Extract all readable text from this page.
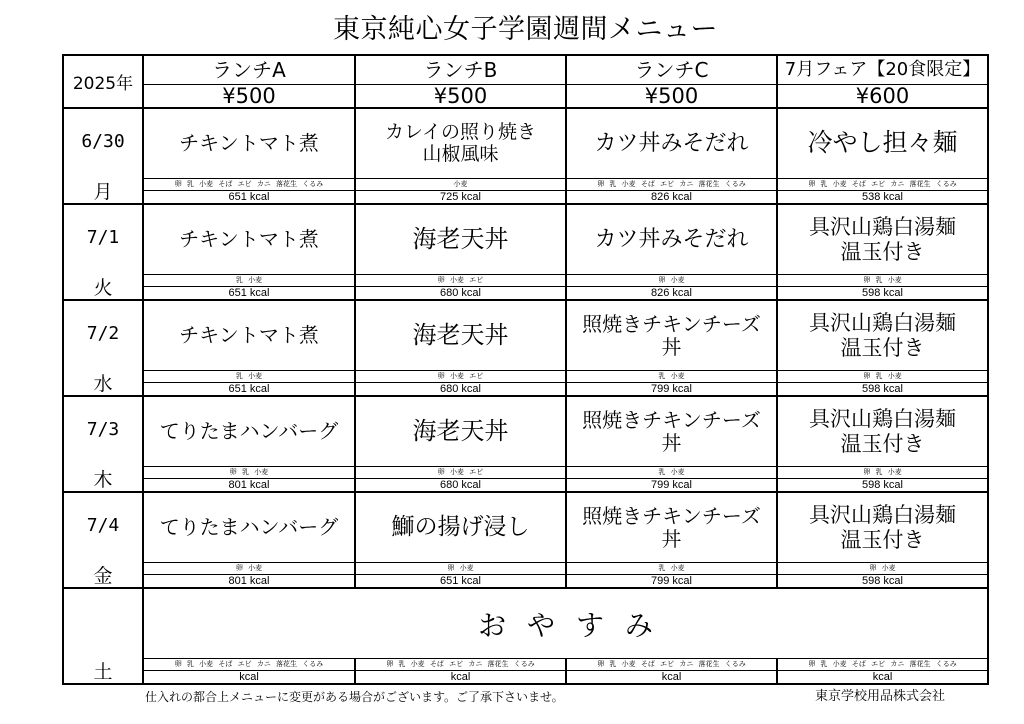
東京純心女子学園週間メニュー
2025年
ランチA
¥500
ランチB
¥500
ランチC
¥500
7月フェア【20食限定】
¥600
6/30
月
チキントマト煮
卵 乳 小麦 そば エビ カニ 落花生 くるみ
651 kcal
カレイの照り焼き
山椒風味
小麦
725 kcal
カツ丼みそだれ
卵 乳 小麦 そば エビ カニ 落花生 くるみ
826 kcal
冷やし担々麺
卵 乳 小麦 そば エビ カニ 落花生 くるみ
538 kcal
7/1
火
チキントマト煮
乳 小麦
651 kcal
海老天丼
卵 小麦 エビ
680 kcal
カツ丼みそだれ
卵 小麦
826 kcal
具沢山鶏白湯麺
温玉付き
卵 乳 小麦
598 kcal
7/2
水
チキントマト煮
乳 小麦
651 kcal
海老天丼
卵 小麦 エビ
680 kcal
照焼きチキンチーズ
丼
乳 小麦
799 kcal
具沢山鶏白湯麺
温玉付き
卵 乳 小麦
598 kcal
7/3
木
てりたまハンバーグ
卵 乳 小麦
801 kcal
海老天丼
卵 小麦 エビ
680 kcal
照焼きチキンチーズ
丼
乳 小麦
799 kcal
具沢山鶏白湯麺
温玉付き
卵 乳 小麦
598 kcal
7/4
金
てりたまハンバーグ
卵 小麦
801 kcal
鰤の揚げ浸し
卵 小麦
651 kcal
照焼きチキンチーズ
丼
乳 小麦
799 kcal
具沢山鶏白湯麺
温玉付き
卵 小麦
598 kcal
土
お や す み
卵 乳 小麦 そば エビ カニ 落花生 くるみ
kcal
卵 乳 小麦 そば エビ カニ 落花生 くるみ
kcal
卵 乳 小麦 そば エビ カニ 落花生 くるみ
kcal
卵 乳 小麦 そば エビ カニ 落花生 くるみ
kcal
仕入れの都合上メニューに変更がある場合がございます。ご了承下さいませ。	東京学校用品株式会社
